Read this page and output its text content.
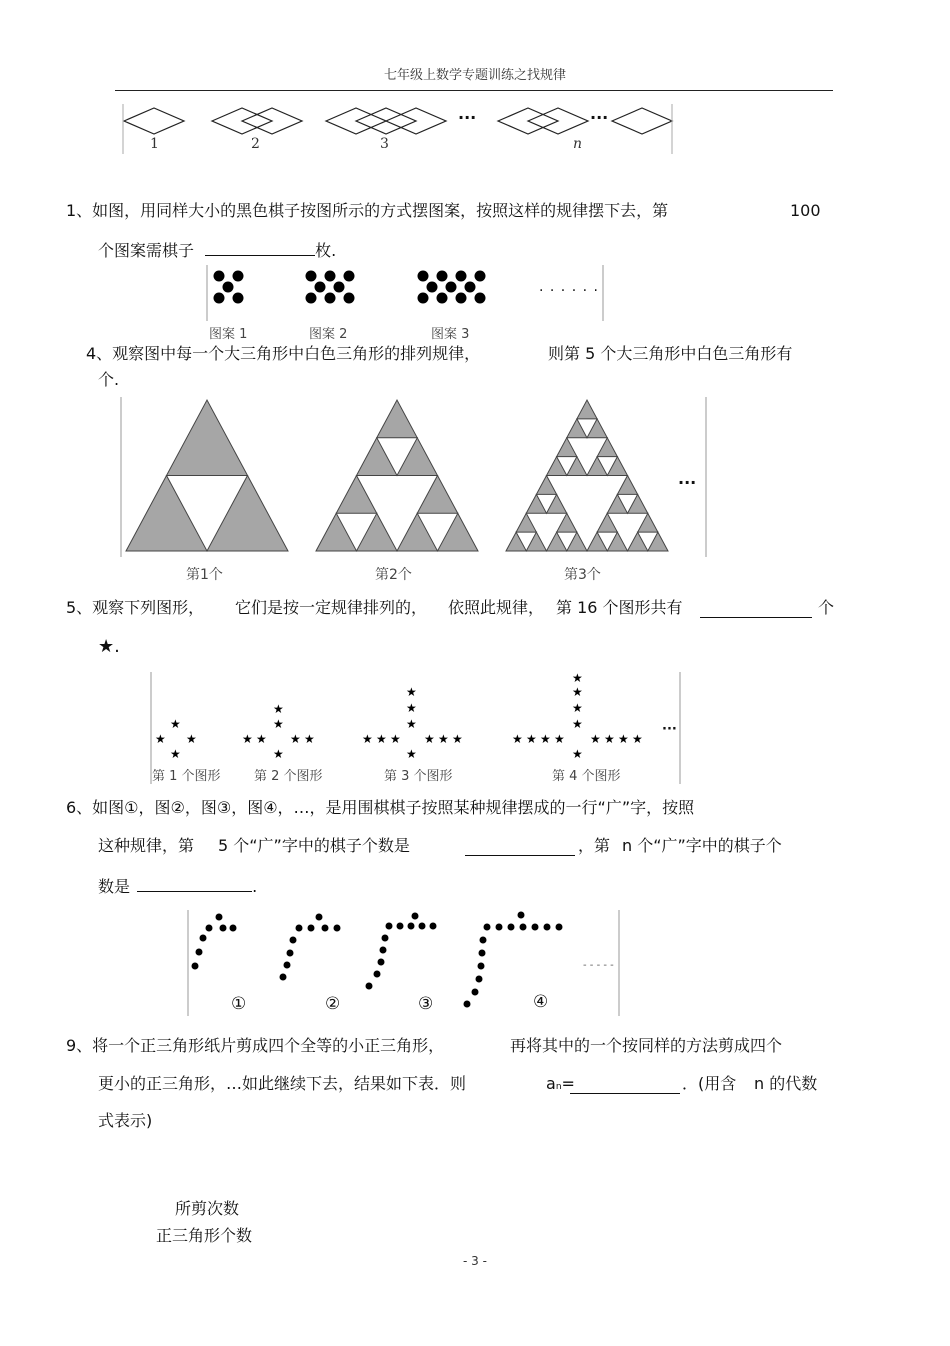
七年级上数学专题训练之找规律
1	2	3	n
···	···
1、如图，用同样大小的黑色棋子按图所示的方式摆图案，按照这样的规律摆下去，第	100
个图案需棋子	枚.
· · · · · ·
图案 1	图案 2	图案 3
4、观察图中每一个大三角形中白色三角形的排列规律，	则第 5 个大三角形中白色三角形有
个.
···
第1个	第2个	第3个
5、观察下列图形， 它们是按一定规律排列的， 依照此规律， 第 16 个图形共有	个
★.
★
★ ★
★
★
★
★ ★ ★ ★
★
★
★
★
★ ★ ★ ★ ★ ★
★
★
★
★
★
★ ★ ★ ★ ★ ★ ★ ★
★
···
第 1 个图形	第 2 个图形	第 3 个图形	第 4 个图形
6、如图①，图②，图③，图④，…，是用围棋棋子按照某种规律摆成的一行“广”字，按照
这种规律，第 5 个“广”字中的棋子个数是	，第 n 个“广”字中的棋子个
数是	.
- - - - -
①	②	③	④
9、将一个正三角形纸片剪成四个全等的小正三角形，	再将其中的一个按同样的方法剪成四个
更小的正三角形，…如此继续下去，结果如下表．则	an=	．(用含 n 的代数
式表示)
所剪次数
正三角形个数
- 3 -
